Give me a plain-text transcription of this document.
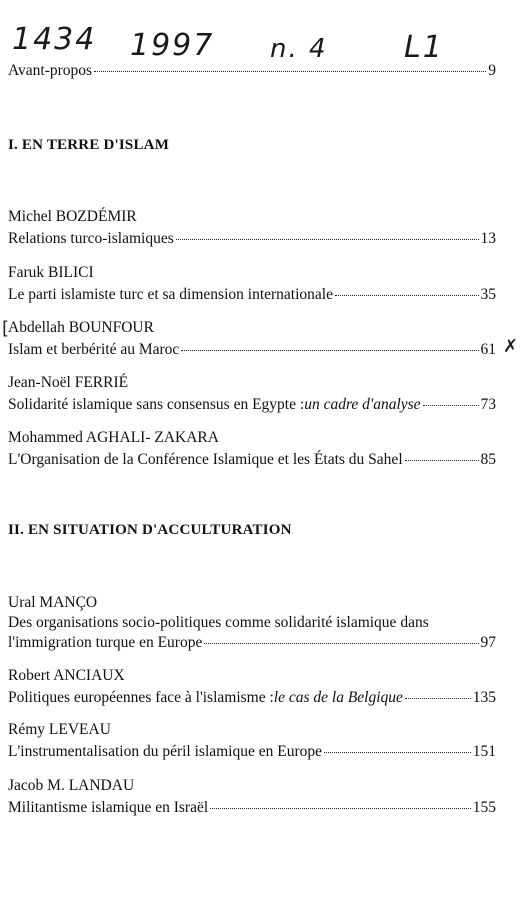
1434 1997 n. 4	L1
Avant-propos	9
I. EN TERRE D'ISLAM
Michel BOZDÉMIR
Relations turco-islamiques	13
Faruk BILICI
Le parti islamiste turc et sa dimension internationale	35
Abdellah BOUNFOUR
Islam et berbérité au Maroc	61
[
✗
Jean-Noël FERRIÉ
Solidarité islamique sans consensus en Egypte : un cadre d'analyse	73
Mohammed AGHALI- ZAKARA
L'Organisation de la Conférence Islamique et les États du Sahel	85
II. EN SITUATION D'ACCULTURATION
Ural MANÇO
Des organisations socio-politiques comme solidarité islamique dans
l'immigration turque en Europe	97
Robert ANCIAUX
Politiques européennes face à l'islamisme : le cas de la Belgique	135
Rémy LEVEAU
L'instrumentalisation du péril islamique en Europe	151
Jacob M. LANDAU
Militantisme islamique en Israël	155
